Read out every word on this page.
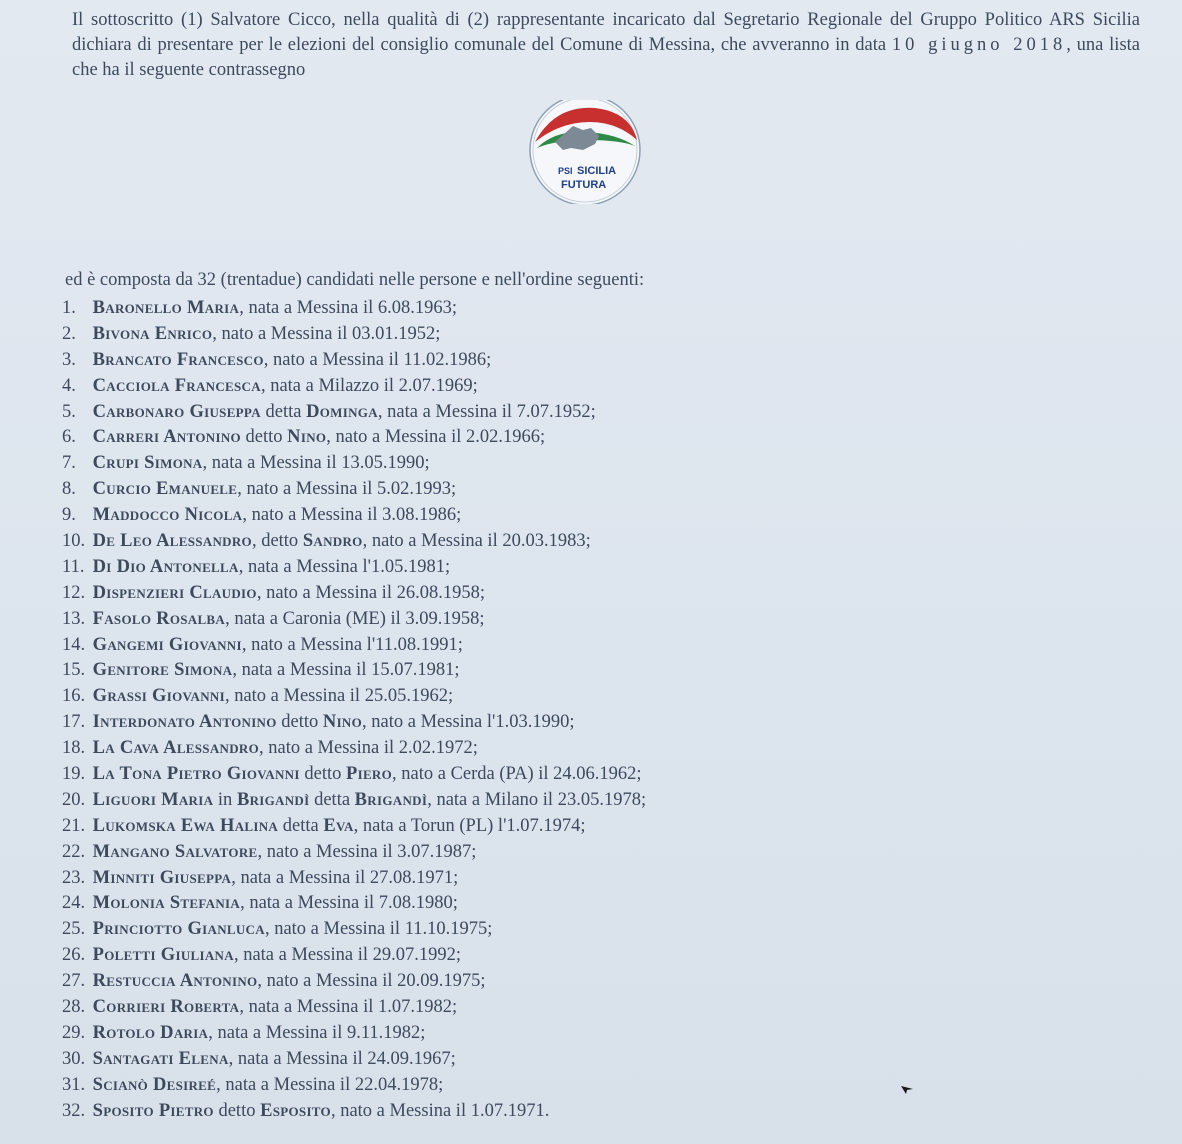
Il sottoscritto (1) Salvatore Cicco, nella qualità di (2) rappresentante incaricato dal Segretario Regionale del Gruppo Politico ARS Sicilia dichiara di presentare per le elezioni del consiglio comunale del Comune di Messina, che avveranno in data 10 giugno 2018, una lista che ha il seguente contrassegno

PSI SICILIA
FUTURA

ed è composta da 32 (trentadue) candidati nelle persone e nell'ordine seguenti:

1. Baronello Maria, nata a Messina il 6.08.1963;
2. Bivona Enrico, nato a Messina il 03.01.1952;
3. Brancato Francesco, nato a Messina il 11.02.1986;
4. Cacciola Francesca, nata a Milazzo il 2.07.1969;
5. Carbonaro Giuseppa detta Dominga, nata a Messina il 7.07.1952;
6. Carreri Antonino detto Nino, nato a Messina il 2.02.1966;
7. Crupi Simona, nata a Messina il 13.05.1990;
8. Curcio Emanuele, nato a Messina il 5.02.1993;
9. Maddocco Nicola, nato a Messina il 3.08.1986;
10. De Leo Alessandro, detto Sandro, nato a Messina il 20.03.1983;
11. Di Dio Antonella, nata a Messina l'1.05.1981;
12. Dispenzieri Claudio, nato a Messina il 26.08.1958;
13. Fasolo Rosalba, nata a Caronia (ME) il 3.09.1958;
14. Gangemi Giovanni, nato a Messina l'11.08.1991;
15. Genitore Simona, nata a Messina il 15.07.1981;
16. Grassi Giovanni, nato a Messina il 25.05.1962;
17. Interdonato Antonino detto Nino, nato a Messina l'1.03.1990;
18. La Cava Alessandro, nato a Messina il 2.02.1972;
19. La Tona Pietro Giovanni detto Piero, nato a Cerda (PA) il 24.06.1962;
20. Liguori Maria in Brigandì detta Brigandì, nata a Milano il 23.05.1978;
21. Lukomska Ewa Halina detta Eva, nata a Torun (PL) l'1.07.1974;
22. Mangano Salvatore, nato a Messina il 3.07.1987;
23. Minniti Giuseppa, nata a Messina il 27.08.1971;
24. Molonia Stefania, nata a Messina il 7.08.1980;
25. Princiotto Gianluca, nato a Messina il 11.10.1975;
26. Poletti Giuliana, nata a Messina il 29.07.1992;
27. Restuccia Antonino, nato a Messina il 20.09.1975;
28. Corrieri Roberta, nata a Messina il 1.07.1982;
29. Rotolo Daria, nata a Messina il 9.11.1982;
30. Santagati Elena, nata a Messina il 24.09.1967;
31. Scianò Desireé, nata a Messina il 22.04.1978;
32. Sposito Pietro detto Esposito, nato a Messina il 1.07.1971.
